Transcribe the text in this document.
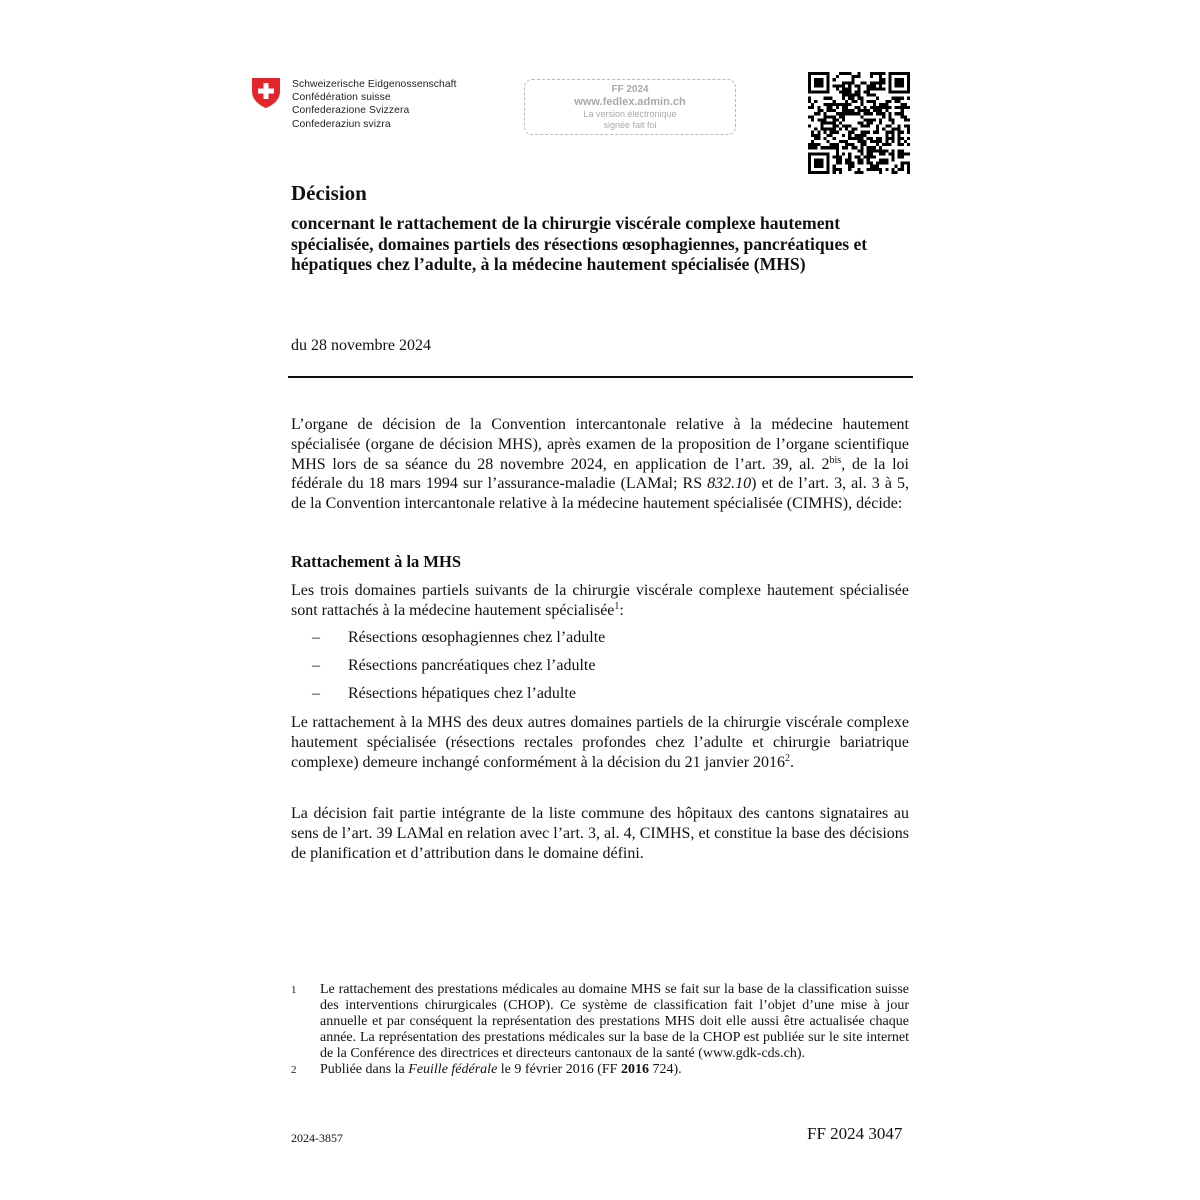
Schweizerische Eidgenossenschaft
Confédération suisse
Confederazione Svizzera
Confederaziun svizra
FF 2024
www.fedlex.admin.ch
La version électronique
signée fait foi
Décision
concernant le rattachement de la chirurgie viscérale complexe hautement spécialisée, domaines partiels des résections œsophagiennes, pancréatiques et hépatiques chez l’adulte, à la médecine hautement spécialisée (MHS)
du 28 novembre 2024
L’organe de décision de la Convention intercantonale relative à la médecine hautement spécialisée (organe de décision MHS), après examen de la proposition de l’organe scientifique MHS lors de sa séance du 28 novembre 2024, en application de l’art. 39, al. $2^{bis}$, de la loi fédérale du 18 mars 1994 sur l’assurance-maladie (LAMal; RS 832.10) et de l’art. 3, al. 3 à 5, de la Convention intercantonale relative à la médecine hautement spécialisée (CIMHS), décide:
Rattachement à la MHS
Les trois domaines partiels suivants de la chirurgie viscérale complexe hautement spécialisée sont rattachés à la médecine hautement spécialisée$^1$:
– Résections œsophagiennes chez l’adulte
– Résections pancréatiques chez l’adulte
– Résections hépatiques chez l’adulte
Le rattachement à la MHS des deux autres domaines partiels de la chirurgie viscérale complexe hautement spécialisée (résections rectales profondes chez l’adulte et chirurgie bariatrique complexe) demeure inchangé conformément à la décision du 21 janvier 2016$^2$.
La décision fait partie intégrante de la liste commune des hôpitaux des cantons signataires au sens de l’art. 39 LAMal en relation avec l’art. 3, al. 4, CIMHS, et constitue la base des décisions de planification et d’attribution dans le domaine défini.
1 Le rattachement des prestations médicales au domaine MHS se fait sur la base de la classification suisse des interventions chirurgicales (CHOP). Ce système de classification fait l’objet d’une mise à jour annuelle et par conséquent la représentation des prestations MHS doit elle aussi être actualisée chaque année. La représentation des prestations médicales sur la base de la CHOP est publiée sur le site internet de la Conférence des directrices et directeurs cantonaux de la santé (www.gdk-cds.ch).
2 Publiée dans la Feuille fédérale le 9 février 2016 (FF 2016 724).
2024-3857	FF 2024 3047
